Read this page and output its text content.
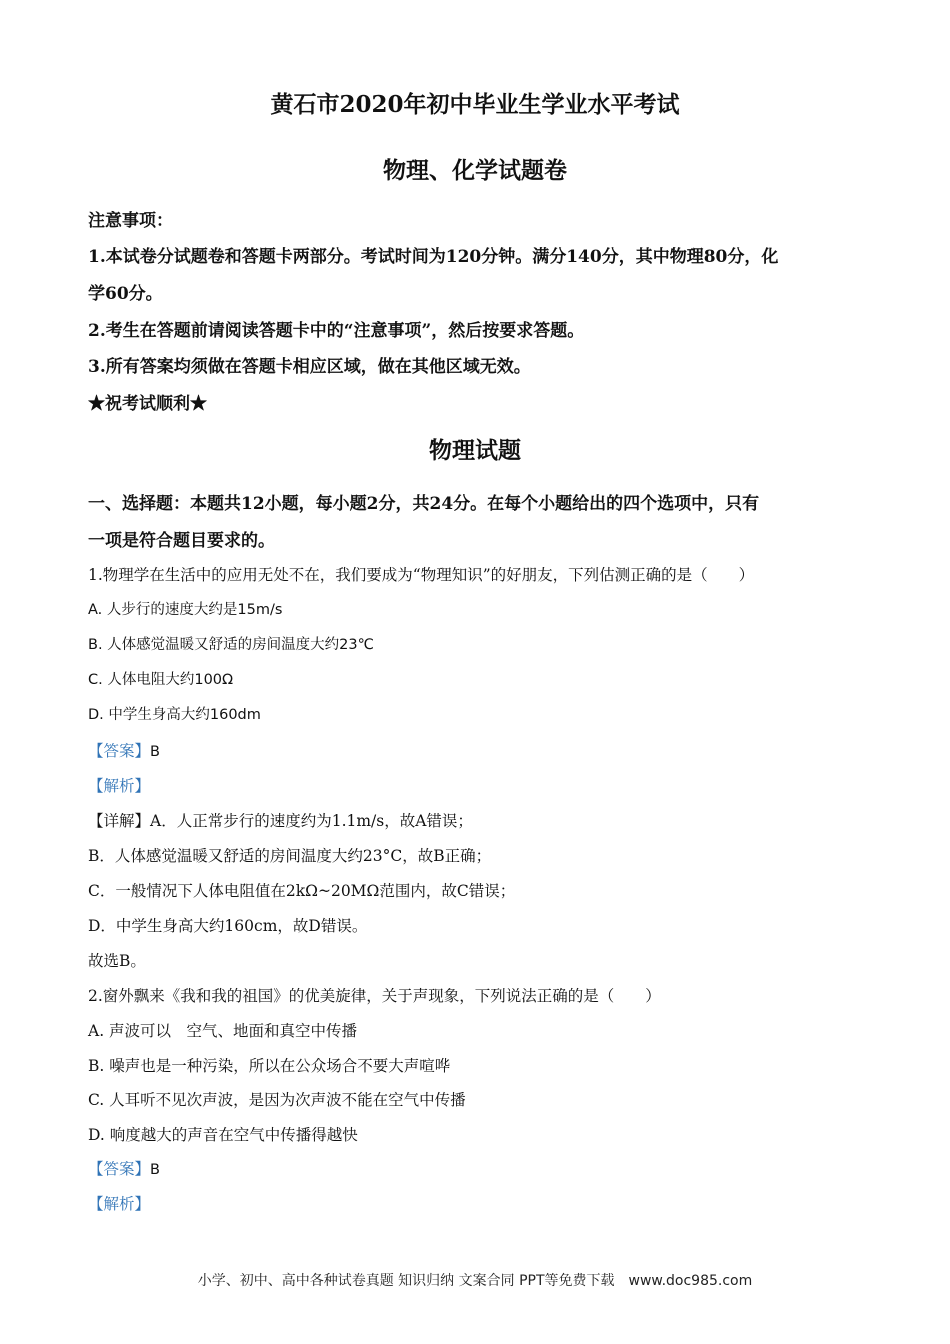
黄石市2020年初中毕业生学业水平考试
物理、化学试题卷
注意事项：
1.本试卷分试题卷和答题卡两部分。考试时间为120分钟。满分140分，其中物理80分，化
学60分。
2.考生在答题前请阅读答题卡中的“注意事项”，然后按要求答题。
3.所有答案均须做在答题卡相应区域，做在其他区域无效。
★祝考试顺利★
物理试题
一、选择题：本题共12小题，每小题2分，共24分。在每个小题给出的四个选项中，只有
一项是符合题目要求的。
1.物理学在生活中的应用无处不在，我们要成为“物理知识”的好朋友，下列估测正确的是（　　）
A. 人步行的速度大约是15m/s
B. 人体感觉温暖又舒适的房间温度大约23℃
C. 人体电阻大约100Ω
D. 中学生身高大约160dm
【答案】B
【解析】
【详解】A．人正常步行的速度约为1.1m/s，故A错误；
B．人体感觉温暖又舒适的房间温度大约23°C，故B正确；
C．一般情况下人体电阻值在2kΩ~20MΩ范围内，故C错误；
D．中学生身高大约160cm，故D错误。
故选B。
2.窗外飘来《我和我的祖国》的优美旋律，关于声现象，下列说法正确的是（　　）
A. 声波可以　空气、地面和真空中传播
B. 噪声也是一种污染，所以在公众场合不要大声喧哗
C. 人耳听不见次声波，是因为次声波不能在空气中传播
D. 响度越大的声音在空气中传播得越快
【答案】B
【解析】
小学、初中、高中各种试卷真题 知识归纳 文案合同 PPT等免费下载　www.doc985.com
